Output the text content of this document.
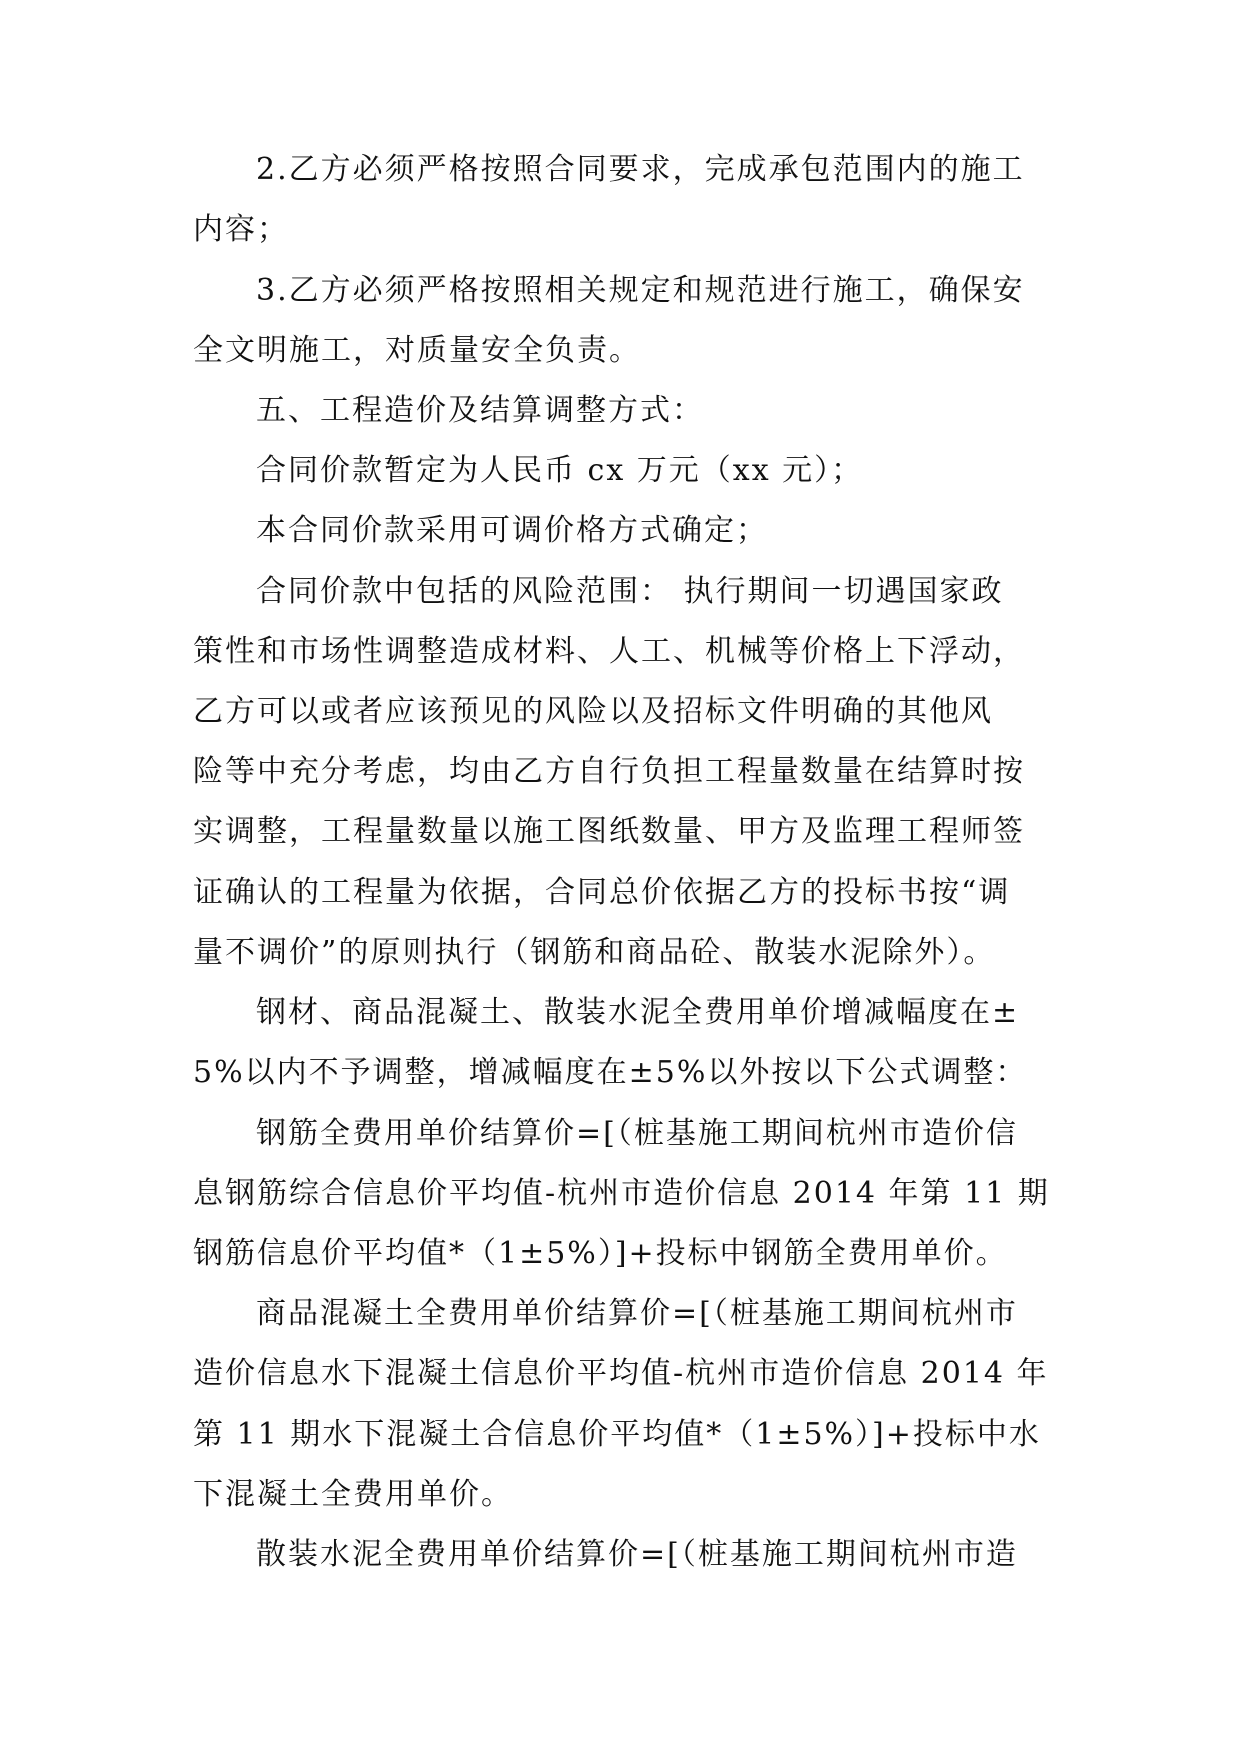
2.乙方必须严格按照合同要求，完成承包范围内的施工
内容；
3.乙方必须严格按照相关规定和规范进行施工，确保安
全文明施工，对质量安全负责。
五、工程造价及结算调整方式：
合同价款暂定为人民币 cx 万元（xx 元）；
本合同价款采用可调价格方式确定；
合同价款中包括的风险范围： 执行期间一切遇国家政
策性和市场性调整造成材料、人工、机械等价格上下浮动，
乙方可以或者应该预见的风险以及招标文件明确的其他风
险等中充分考虑，均由乙方自行负担工程量数量在结算时按
实调整，工程量数量以施工图纸数量、甲方及监理工程师签
证确认的工程量为依据，合同总价依据乙方的投标书按“调
量不调价”的原则执行（钢筋和商品砼、散装水泥除外）。
钢材、商品混凝土、散装水泥全费用单价增减幅度在±
5%以内不予调整，增减幅度在±5%以外按以下公式调整：
钢筋全费用单价结算价=[（桩基施工期间杭州市造价信
息钢筋综合信息价平均值-杭州市造价信息 2014 年第 11 期
钢筋信息价平均值*（1±5%）]+投标中钢筋全费用单价。
商品混凝土全费用单价结算价=[（桩基施工期间杭州市
造价信息水下混凝土信息价平均值-杭州市造价信息 2014 年
第 11 期水下混凝土合信息价平均值*（1±5%）]+投标中水
下混凝土全费用单价。
散装水泥全费用单价结算价=[（桩基施工期间杭州市造
